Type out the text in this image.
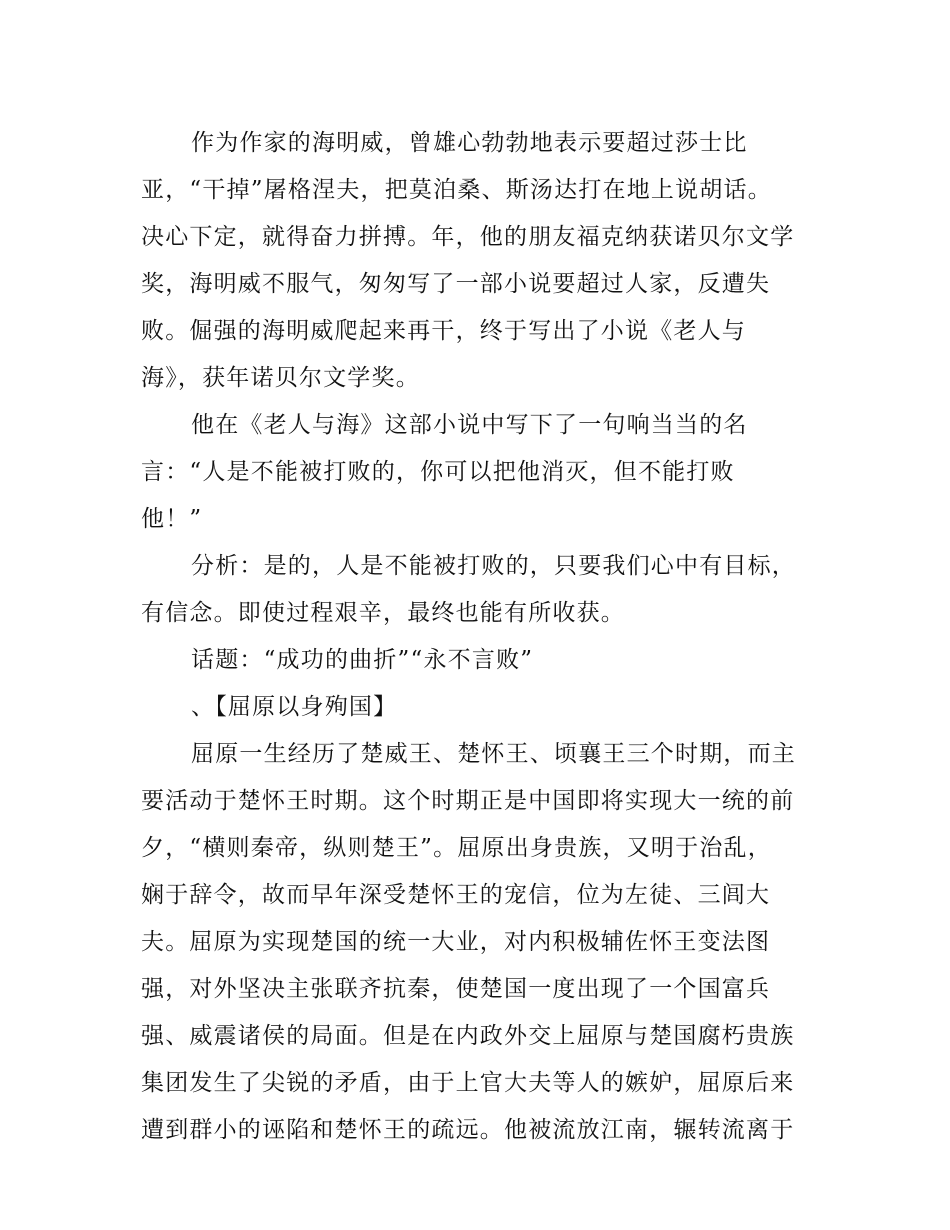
作为作家的海明威，曾雄心勃勃地表示要超过莎士比
亚，“干掉”屠格涅夫，把莫泊桑、斯汤达打在地上说胡话。
决心下定，就得奋力拼搏。年，他的朋友福克纳获诺贝尔文学
奖，海明威不服气，匆匆写了一部小说要超过人家，反遭失
败。倔强的海明威爬起来再干，终于写出了小说《老人与
海》，获年诺贝尔文学奖。
他在《老人与海》这部小说中写下了一句响当当的名
言：“人是不能被打败的，你可以把他消灭，但不能打败
他！”
分析：是的，人是不能被打败的，只要我们心中有目标，
有信念。即使过程艰辛，最终也能有所收获。
话题：“成功的曲折”“永不言败”
、【屈原以身殉国】
屈原一生经历了楚威王、楚怀王、顷襄王三个时期，而主
要活动于楚怀王时期。这个时期正是中国即将实现大一统的前
夕，“横则秦帝，纵则楚王”。屈原出身贵族，又明于治乱，
娴于辞令，故而早年深受楚怀王的宠信，位为左徒、三闾大
夫。屈原为实现楚国的统一大业，对内积极辅佐怀王变法图
强，对外坚决主张联齐抗秦，使楚国一度出现了一个国富兵
强、威震诸侯的局面。但是在内政外交上屈原与楚国腐朽贵族
集团发生了尖锐的矛盾，由于上官大夫等人的嫉妒，屈原后来
遭到群小的诬陷和楚怀王的疏远。他被流放江南，辗转流离于
